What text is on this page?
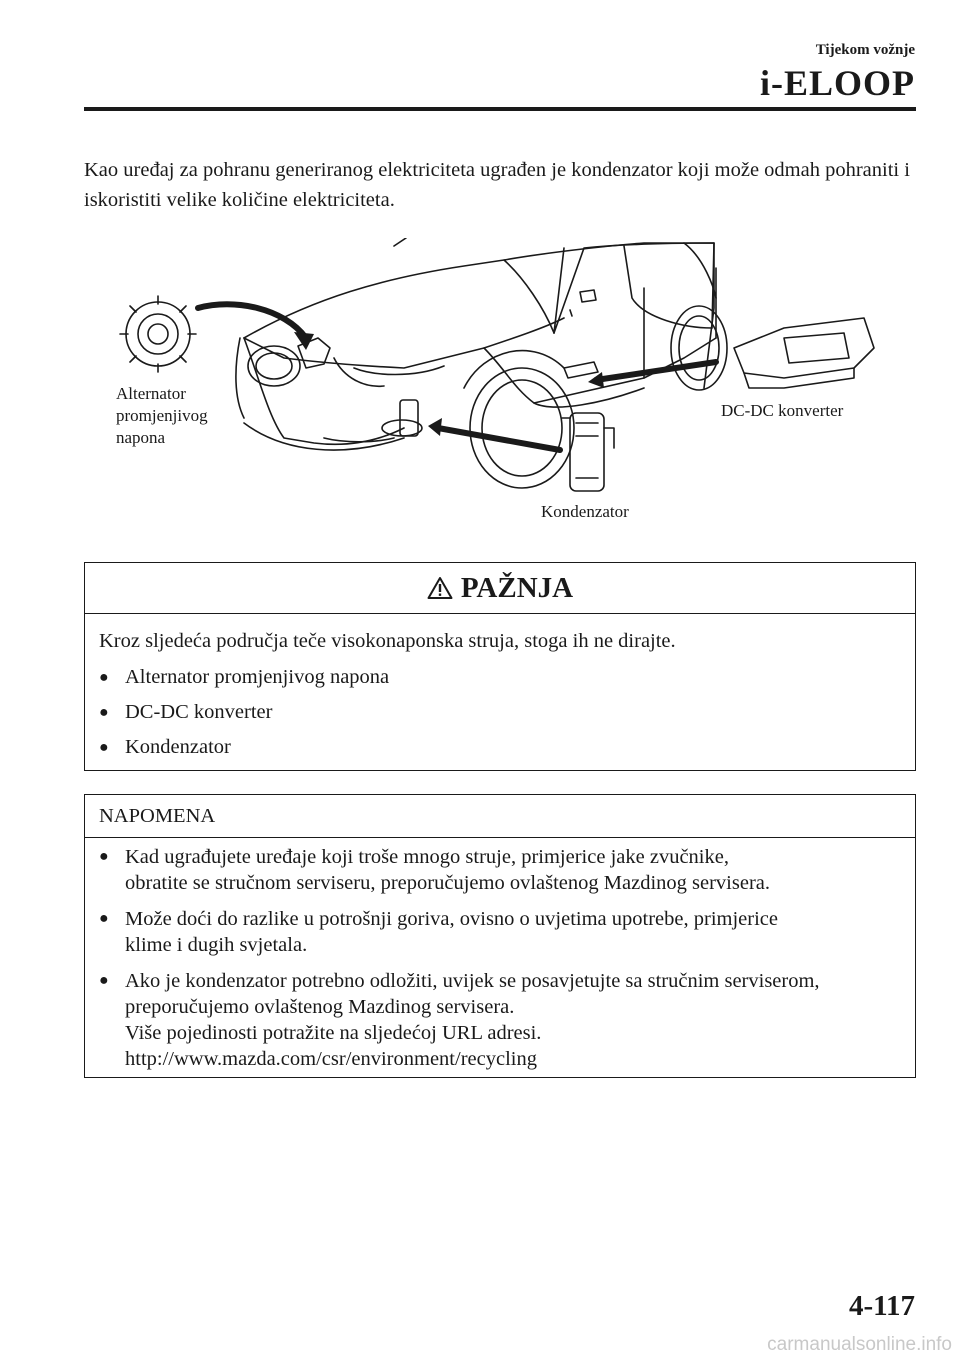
Tijekom vožnje
i-ELOOP
Kao uređaj za pohranu generiranog elektriciteta ugrađen je kondenzator koji može odmah pohraniti i iskoristiti velike količine elektriciteta.
Alternator
promjenjivog
napona
DC-DC konverter
Kondenzator
PAŽNJA

Kroz sljedeća područja teče visokonaponska struja, stoga ih ne dirajte.

● Alternator promjenjivog napona
● DC-DC konverter
● Kondenzator
NAPOMENA
● Kad ugrađujete uređaje koji troše mnogo struje, primjerice jake zvučnike,
obratite se stručnom serviseru, preporučujemo ovlaštenog Mazdinog servisera.
● Može doći do razlike u potrošnji goriva, ovisno o uvjetima upotrebe, primjerice
klime i dugih svjetala.
● Ako je kondenzator potrebno odložiti, uvijek se posavjetujte sa stručnim serviserom,
preporučujemo ovlaštenog Mazdinog servisera.
Više pojedinosti potražite na sljedećoj URL adresi.
http://www.mazda.com/csr/environment/recycling
4-117
carmanualsonline.info
